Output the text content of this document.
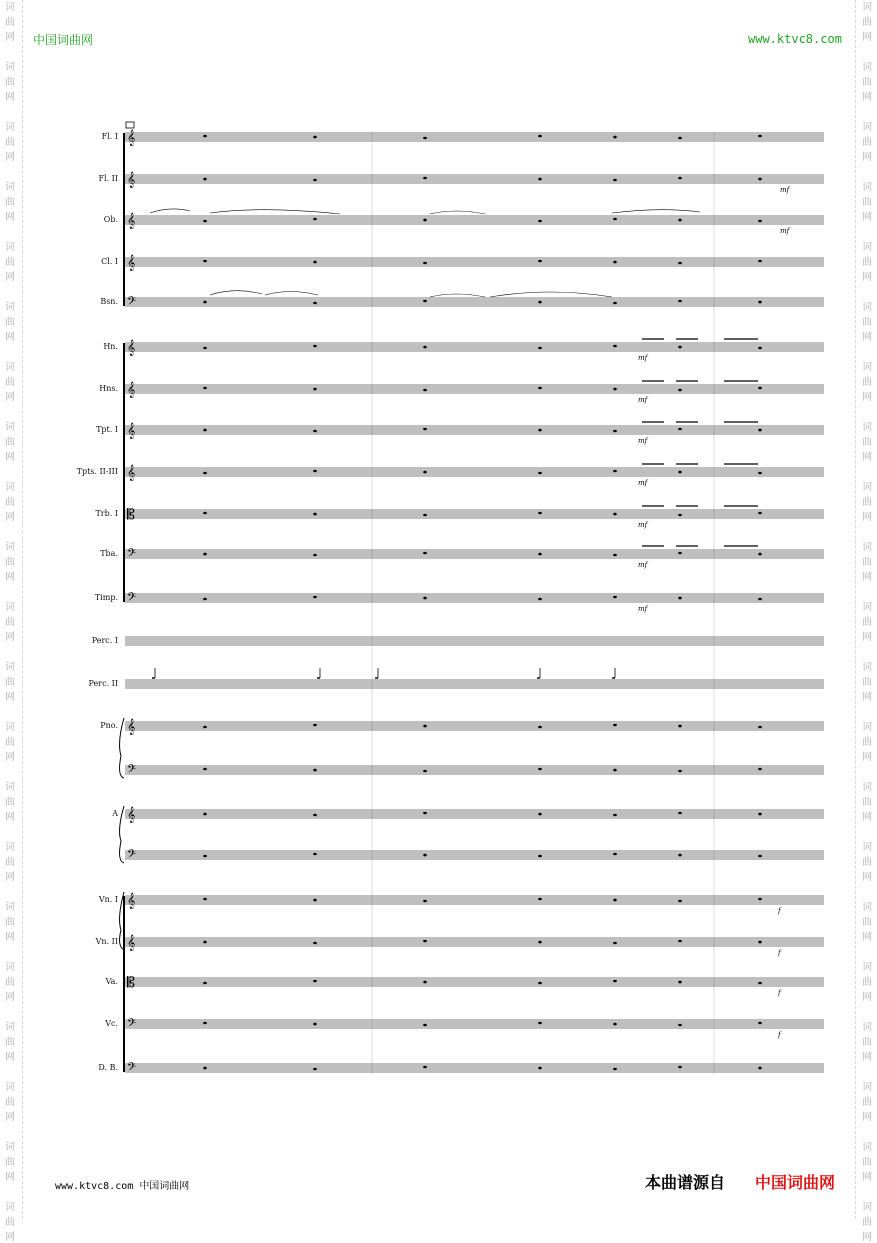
词
曲
网
词
曲
网
词
曲
网
词
曲
网
词
曲
网
词
曲
网
词
曲
网
词
曲
网
词
曲
网
词
曲
网
词
曲
网
词
曲
网
词
曲
网
词
曲
网
词
曲
网
词
曲
网
词
曲
网
词
曲
网
词
曲
网
词
曲
网
词
曲
网
词
曲
网
词
曲
网
词
曲
网
词
曲
网
词
曲
网
词
曲
网
词
曲
网
词
曲
网
词
曲
网
词
曲
网
词
曲
网
词
曲
网
词
曲
网
词
曲
网
词
曲
网
词
曲
网
词
曲
网
词
曲
网
词
曲
网
词
曲
网
词
曲
网
中国词曲网	www.ktvc8.com
Fl. I 𝄞
Fl. II 𝄞
mf
Ob. 𝄞
mf
Cl. I 𝄞
Bsn. 𝄢
Hn. 𝄞
mf
Hns. 𝄞
mf
Tpt. I 𝄞
mf
Tpts. II-III 𝄞
mf
Trb. I 𝄡
mf
Tba. 𝄢
mf
Timp. 𝄢
mf
Perc. I
Perc. II
Pno. 𝄞
𝄢
A 𝄞
𝄢
Vn. I 𝄞
f
Vn. II 𝄞
f
Va. 𝄡
f
Vc. 𝄢
f
D. B. 𝄢
www.ktvc8.com 中国词曲网	本曲谱源自 中国词曲网
